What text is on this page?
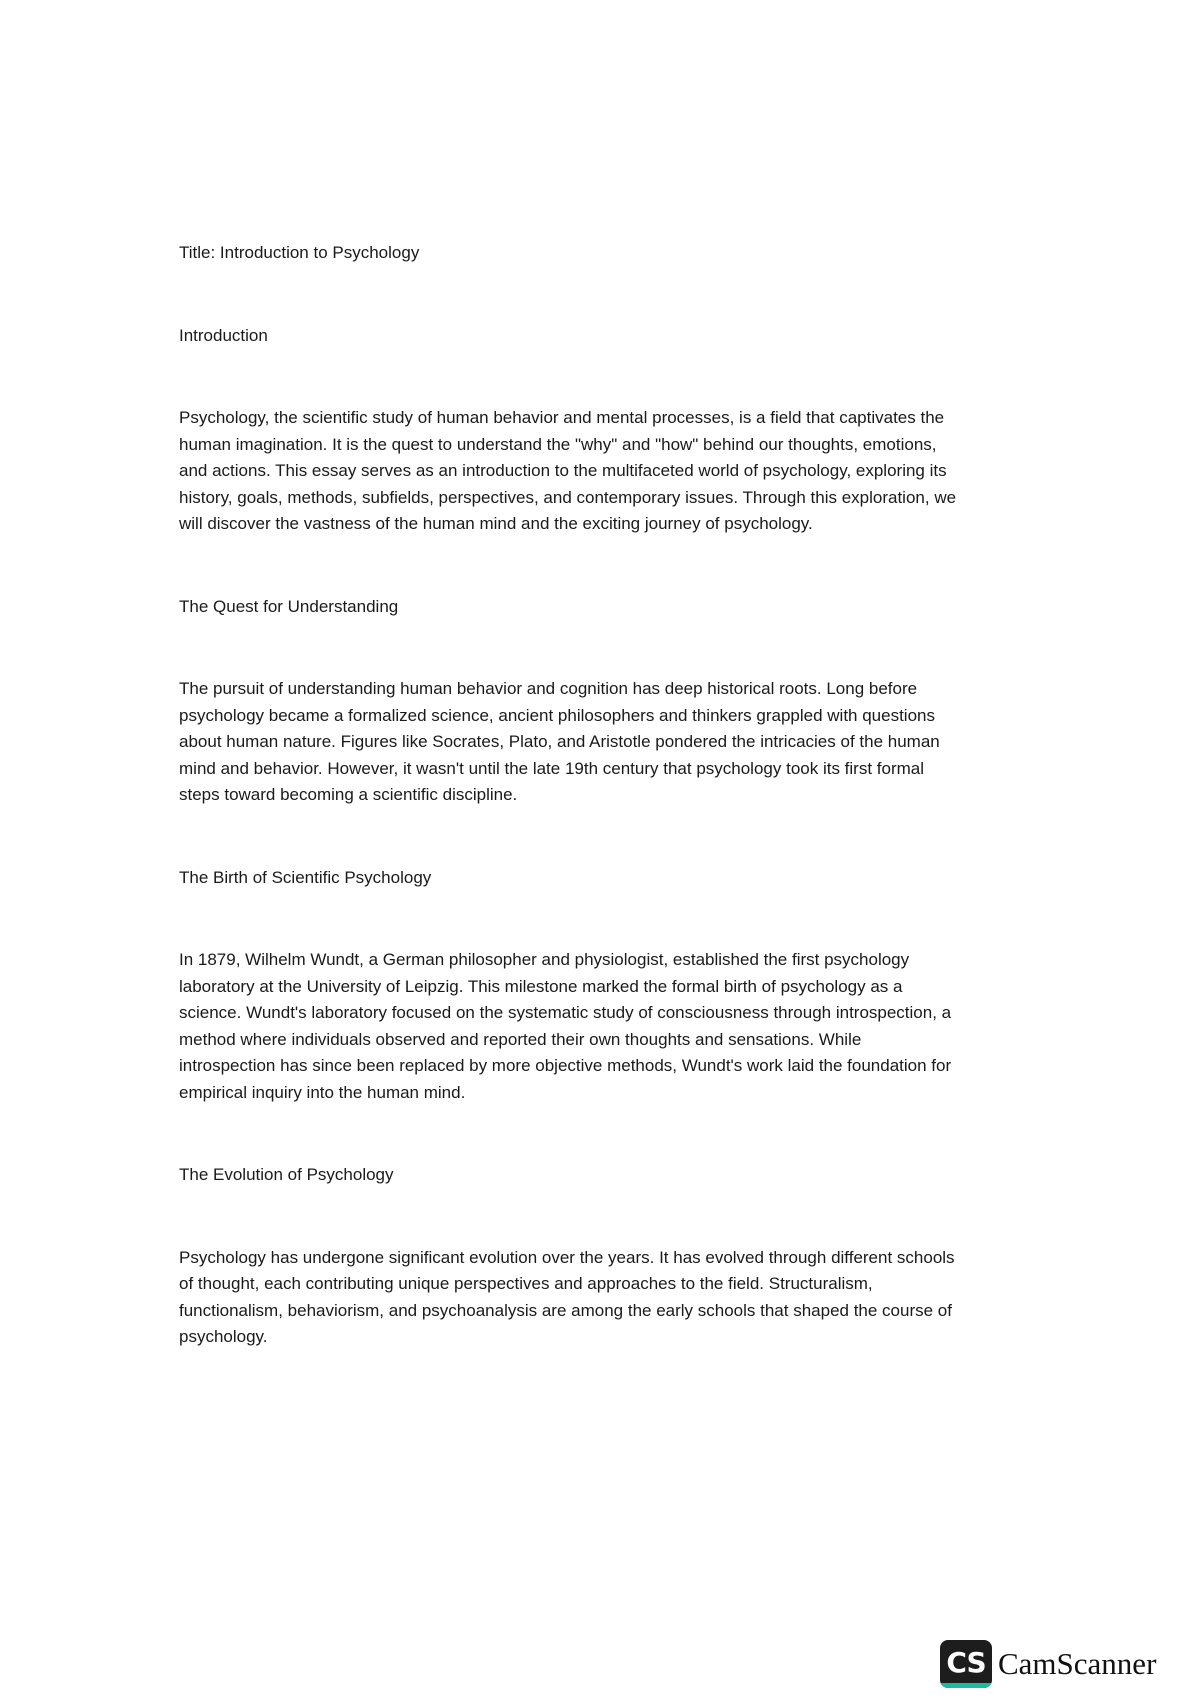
Title: Introduction to Psychology

Introduction

Psychology, the scientific study of human behavior and mental processes, is a field that captivates the

human imagination. It is the quest to understand the "why" and "how" behind our thoughts, emotions,

and actions. This essay serves as an introduction to the multifaceted world of psychology, exploring its

history, goals, methods, subfields, perspectives, and contemporary issues. Through this exploration, we

will discover the vastness of the human mind and the exciting journey of psychology.

The Quest for Understanding

The pursuit of understanding human behavior and cognition has deep historical roots. Long before

psychology became a formalized science, ancient philosophers and thinkers grappled with questions

about human nature. Figures like Socrates, Plato, and Aristotle pondered the intricacies of the human

mind and behavior. However, it wasn't until the late 19th century that psychology took its first formal

steps toward becoming a scientific discipline.

The Birth of Scientific Psychology

In 1879, Wilhelm Wundt, a German philosopher and physiologist, established the first psychology

laboratory at the University of Leipzig. This milestone marked the formal birth of psychology as a

science. Wundt's laboratory focused on the systematic study of consciousness through introspection, a

method where individuals observed and reported their own thoughts and sensations. While

introspection has since been replaced by more objective methods, Wundt's work laid the foundation for

empirical inquiry into the human mind.

The Evolution of Psychology

Psychology has undergone significant evolution over the years. It has evolved through different schools

of thought, each contributing unique perspectives and approaches to the field. Structuralism,

functionalism, behaviorism, and psychoanalysis are among the early schools that shaped the course of

psychology.

CS CamScanner
